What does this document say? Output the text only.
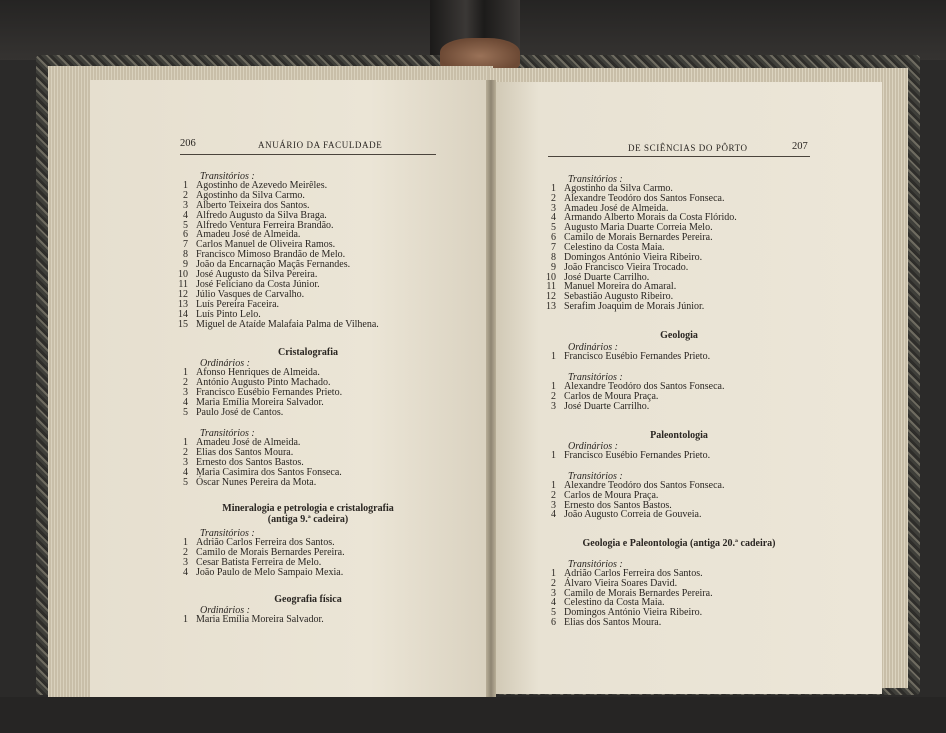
206	ANUÁRIO DA FACULDADE	DE SCIÊNCIAS DO PÔRTO	207
Transitórios :
1 Agostinho de Azevedo Meirêles.
2 Agostinho da Silva Carmo.
3 Alberto Teixeira dos Santos.
4 Alfredo Augusto da Silva Braga.
5 Alfredo Ventura Ferreira Brandão.
6 Amadeu José de Almeida.
7 Carlos Manuel de Oliveira Ramos.
8 Francisco Mimoso Brandão de Melo.
9 João da Encarnação Maçãs Fernandes.
10 José Augusto da Silva Pereira.
11 José Feliciano da Costa Júnior.
12 Júlio Vasques de Carvalho.
13 Luís Pereira Faceira.
14 Luís Pinto Lelo.
15 Miguel de Ataíde Malafaia Palma de Vilhena.
Cristalografia
Ordinários :
1 Afonso Henriques de Almeida.
2 António Augusto Pinto Machado.
3 Francisco Eusébio Fernandes Prieto.
4 Maria Emília Moreira Salvador.
5 Paulo José de Cantos.
Transitórios :
1 Amadeu José de Almeida.
2 Elias dos Santos Moura.
3 Ernesto dos Santos Bastos.
4 Maria Casimira dos Santos Fonseca.
5 Óscar Nunes Pereira da Mota.
Mineralogia e petrologia e cristalografia
(antiga 9.ª cadeira)
Transitórios :
1 Adrião Carlos Ferreira dos Santos.
2 Camilo de Morais Bernardes Pereira.
3 Cesar Batista Ferreira de Melo.
4 João Paulo de Melo Sampaio Mexia.
Geografia física
Ordinários :
1 Maria Emília Moreira Salvador.
Transitórios :
1 Agostinho da Silva Carmo.
2 Alexandre Teodóro dos Santos Fonseca.
3 Amadeu José de Almeida.
4 Armando Alberto Morais da Costa Flórido.
5 Augusto Maria Duarte Correia Melo.
6 Camilo de Morais Bernardes Pereira.
7 Celestino da Costa Maia.
8 Domingos António Vieira Ribeiro.
9 João Francisco Vieira Trocado.
10 José Duarte Carrilho.
11 Manuel Moreira do Amaral.
12 Sebastião Augusto Ribeiro.
13 Serafim Joaquim de Morais Júnior.
Geologia
Ordinários :
1 Francisco Eusébio Fernandes Prieto.
Transitórios :
1 Alexandre Teodóro dos Santos Fonseca.
2 Carlos de Moura Praça.
3 José Duarte Carrilho.
Paleontologia
Ordinários :
1 Francisco Eusébio Fernandes Prieto.
Transitórios :
1 Alexandre Teodóro dos Santos Fonseca.
2 Carlos de Moura Praça.
3 Ernesto dos Santos Bastos.
4 João Augusto Correia de Gouveia.
Geologia e Paleontologia (antiga 20.ª cadeira)
Transitórios :
1 Adrião Carlos Ferreira dos Santos.
2 Álvaro Vieira Soares David.
3 Camilo de Morais Bernardes Pereira.
4 Celestino da Costa Maia.
5 Domingos António Vieira Ribeiro.
6 Elias dos Santos Moura.
